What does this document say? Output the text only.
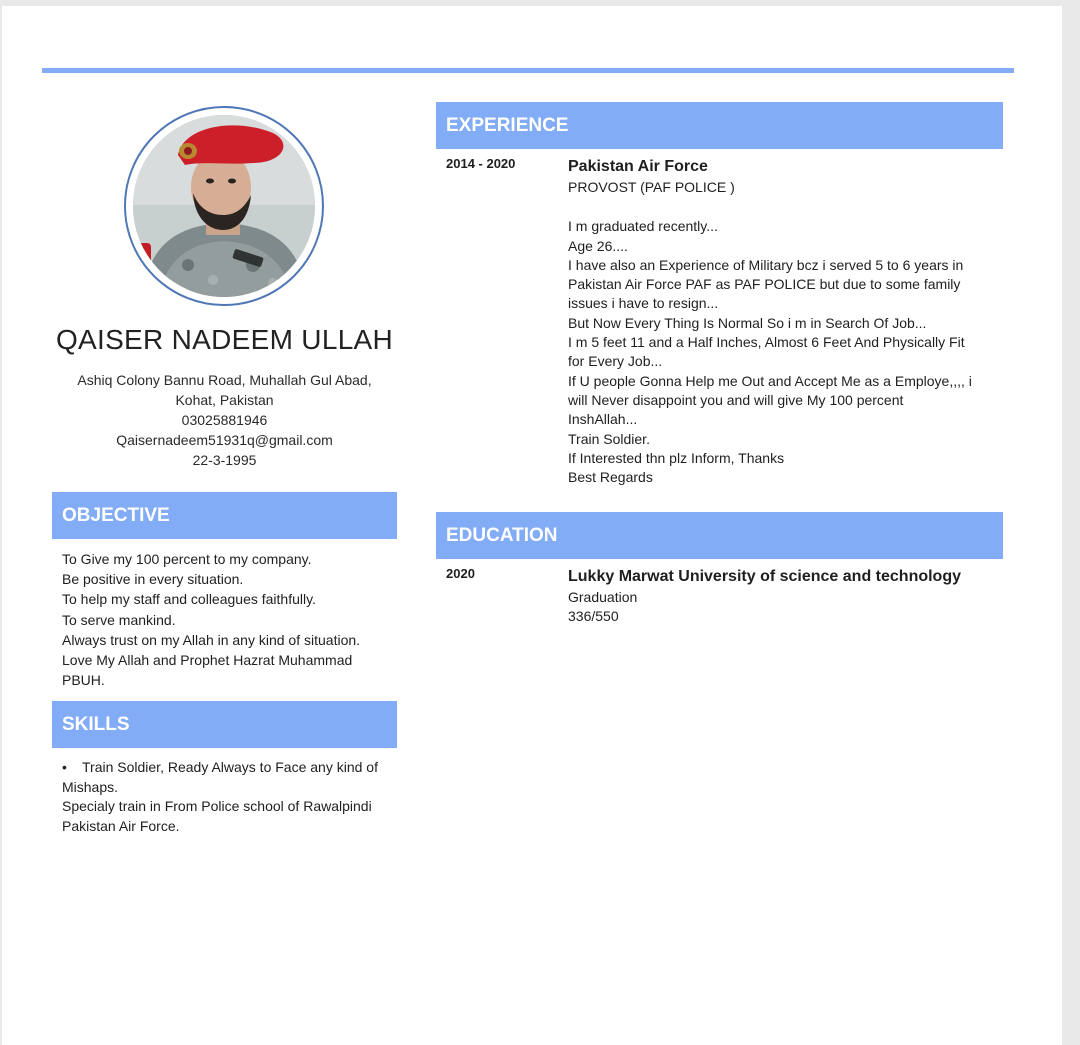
QAISER NADEEM ULLAH
Ashiq Colony Bannu Road, Muhallah Gul Abad,
Kohat, Pakistan
03025881946
Qaisernadeem51931q@gmail.com
22-3-1995
OBJECTIVE
To Give my 100 percent to my company.
Be positive in every situation.
To help my staff and colleagues faithfully.
To serve mankind.
Always trust on my Allah in any kind of situation.
Love My Allah and Prophet Hazrat Muhammad
PBUH.
SKILLS
• Train Soldier, Ready Always to Face any kind of
Mishaps.
Specialy train in From Police school of Rawalpindi
Pakistan Air Force.
EXPERIENCE
2014 - 2020	Pakistan Air Force
PROVOST (PAF POLICE )
I m graduated recently...
Age 26....
I have also an Experience of Military bcz i served 5 to 6 years in
Pakistan Air Force PAF as PAF POLICE but due to some family
issues i have to resign...
But Now Every Thing Is Normal So i m in Search Of Job...
I m 5 feet 11 and a Half Inches, Almost 6 Feet And Physically Fit
for Every Job...
If U people Gonna Help me Out and Accept Me as a Employe,,,, i
will Never disappoint you and will give My 100 percent
InshAllah...
Train Soldier.
If Interested thn plz Inform, Thanks
Best Regards
EDUCATION
2020	Lukky Marwat University of science and technology
Graduation
336/550
